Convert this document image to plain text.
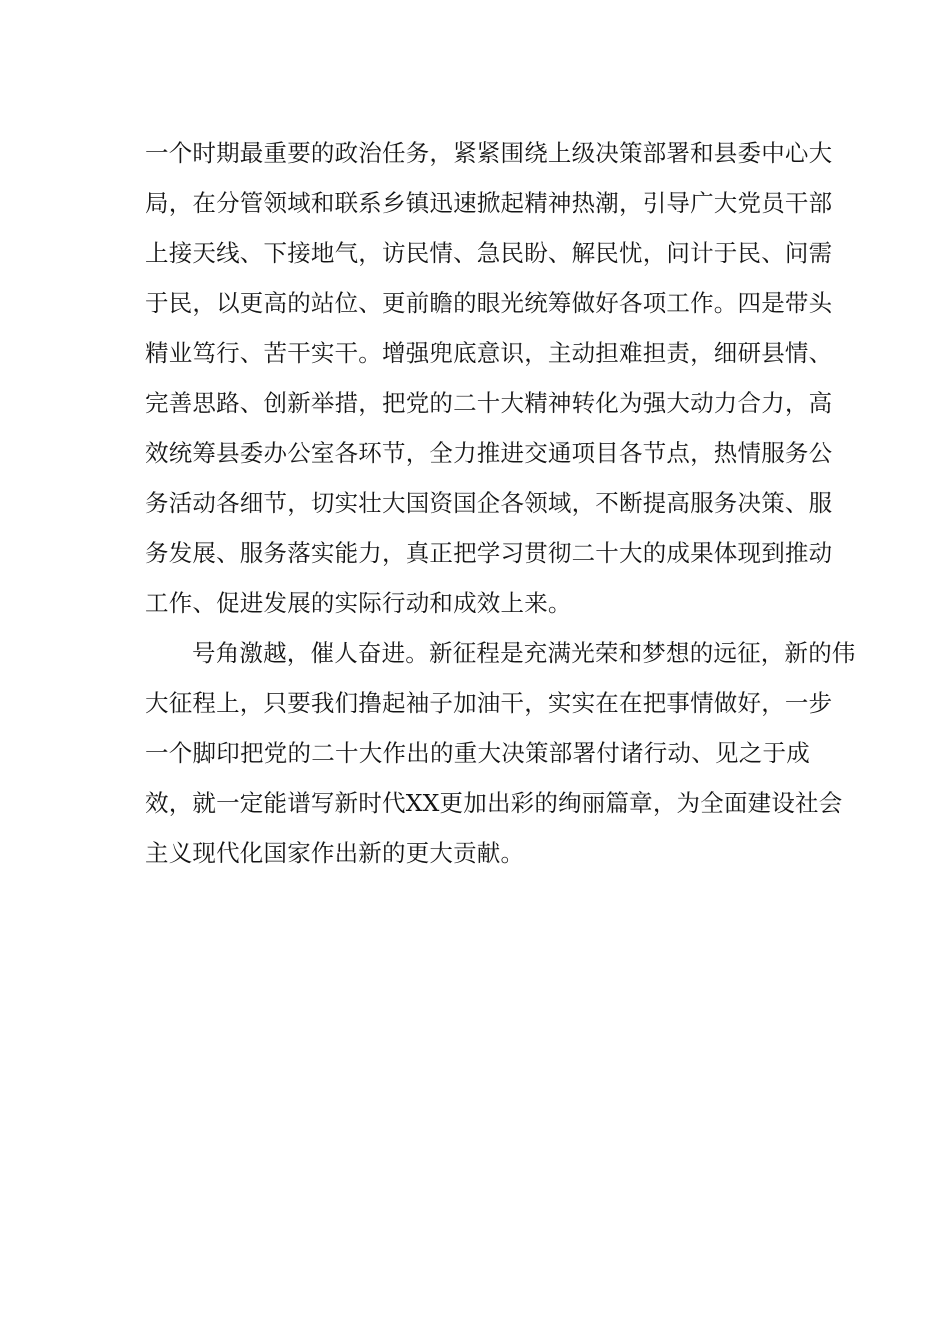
一个时期最重要的政治任务，紧紧围绕上级决策部署和县委中心大
局，在分管领域和联系乡镇迅速掀起精神热潮，引导广大党员干部
上接天线、下接地气，访民情、急民盼、解民忧，问计于民、问需
于民，以更高的站位、更前瞻的眼光统筹做好各项工作。四是带头
精业笃行、苦干实干。增强兜底意识，主动担难担责，细研县情、
完善思路、创新举措，把党的二十大精神转化为强大动力合力，高
效统筹县委办公室各环节，全力推进交通项目各节点，热情服务公
务活动各细节，切实壮大国资国企各领域，不断提高服务决策、服
务发展、服务落实能力，真正把学习贯彻二十大的成果体现到推动
工作、促进发展的实际行动和成效上来。
号角激越，催人奋进。新征程是充满光荣和梦想的远征，新的伟
大征程上，只要我们撸起袖子加油干，实实在在把事情做好，一步
一个脚印把党的二十大作出的重大决策部署付诸行动、见之于成
效，就一定能谱写新时代XX更加出彩的绚丽篇章，为全面建设社会
主义现代化国家作出新的更大贡献。
